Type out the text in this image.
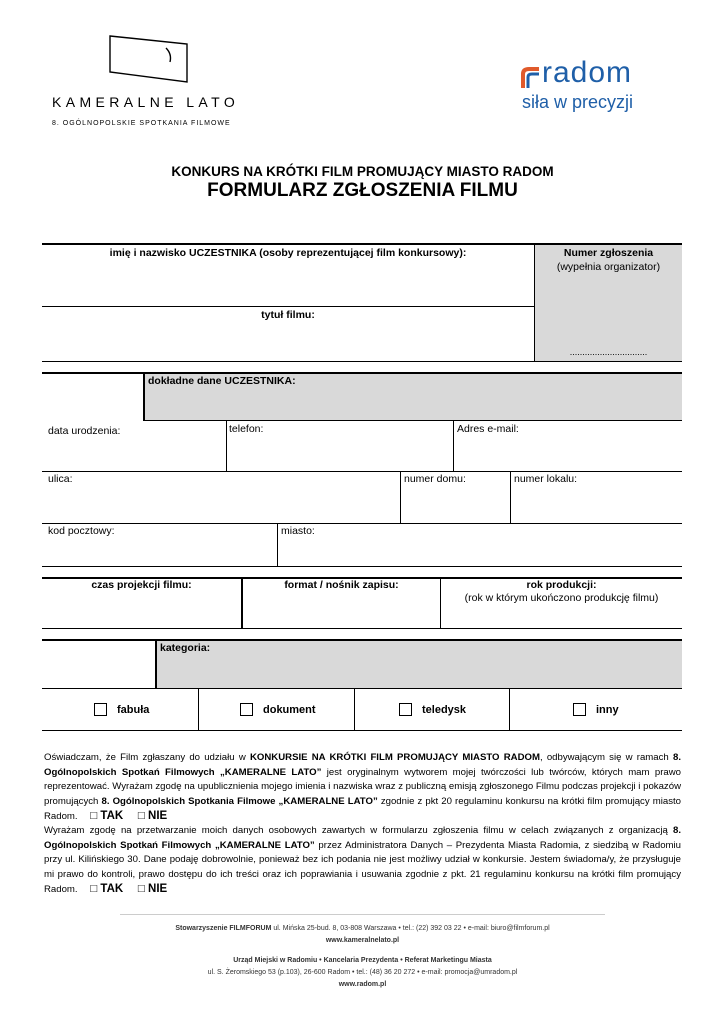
KAMERALNE LATO
8. OGÓLNOPOLSKIE SPOTKANIA FILMOWE
radom
siła w precyzji
KONKURS NA KRÓTKI FILM PROMUJĄCY MIASTO RADOM
FORMULARZ ZGŁOSZENIA FILMU
imię i nazwisko UCZESTNIKA (osoby reprezentującej film konkursowy):	Numer zgłoszenia
(wypełnia organizator)
...............................
tytuł filmu:
dokładne dane UCZESTNIKA:
data urodzenia:	telefon:	Adres e-mail:
ulica:	numer domu:	numer lokalu:
kod pocztowy:	miasto:
czas projekcji filmu:	format / nośnik zapisu:	rok produkcji:
(rok w którym ukończono produkcję filmu)
kategoria:
fabuła	dokument	teledysk	inny

Oświadczam, że Film zgłaszany do udziału w KONKURSIE NA KRÓTKI FILM PROMUJĄCY MIASTO RADOM, odbywającym się w ramach 8. Ogólnopolskich Spotkań Filmowych „KAMERALNE LATO” jest oryginalnym wytworem mojej twórczości lub twórców, których mam prawo reprezentować. Wyrażam zgodę na upublicznienia mojego imienia i nazwiska wraz z publiczną emisją zgłoszonego Filmu podczas projekcji i pokazów promujących 8. Ogólnopolskich Spotkania Filmowe „KAMERALNE LATO” zgodnie z pkt 20 regulaminu konkursu na krótki film promujący miasto Radom. □ TAK □ NIE

Wyrażam zgodę na przetwarzanie moich danych osobowych zawartych w formularzu zgłoszenia filmu w celach związanych z organizacją 8. Ogólnopolskich Spotkań Filmowych „KAMERALNE LATO” przez Administratora Danych – Prezydenta Miasta Radomia, z siedzibą w Radomiu przy ul. Kilińskiego 30. Dane podaję dobrowolnie, ponieważ bez ich podania nie jest możliwy udział w konkursie. Jestem świadoma/y, że przysługuje mi prawo do kontroli, prawo dostępu do ich treści oraz ich poprawiania i usuwania zgodnie z pkt. 21 regulaminu konkursu na krótki film promujący Radom. □ TAK □ NIE

Stowarzyszenie FILMFORUM ul. Mińska 25-bud. 8, 03-808 Warszawa • tel.: (22) 392 03 22 • e-mail: biuro@filmforum.pl
www.kameralnelato.pl
Urząd Miejski w Radomiu • Kancelaria Prezydenta • Referat Marketingu Miasta
ul. S. Żeromskiego 53 (p.103), 26-600 Radom • tel.: (48) 36 20 272 • e-mail: promocja@umradom.pl
www.radom.pl
